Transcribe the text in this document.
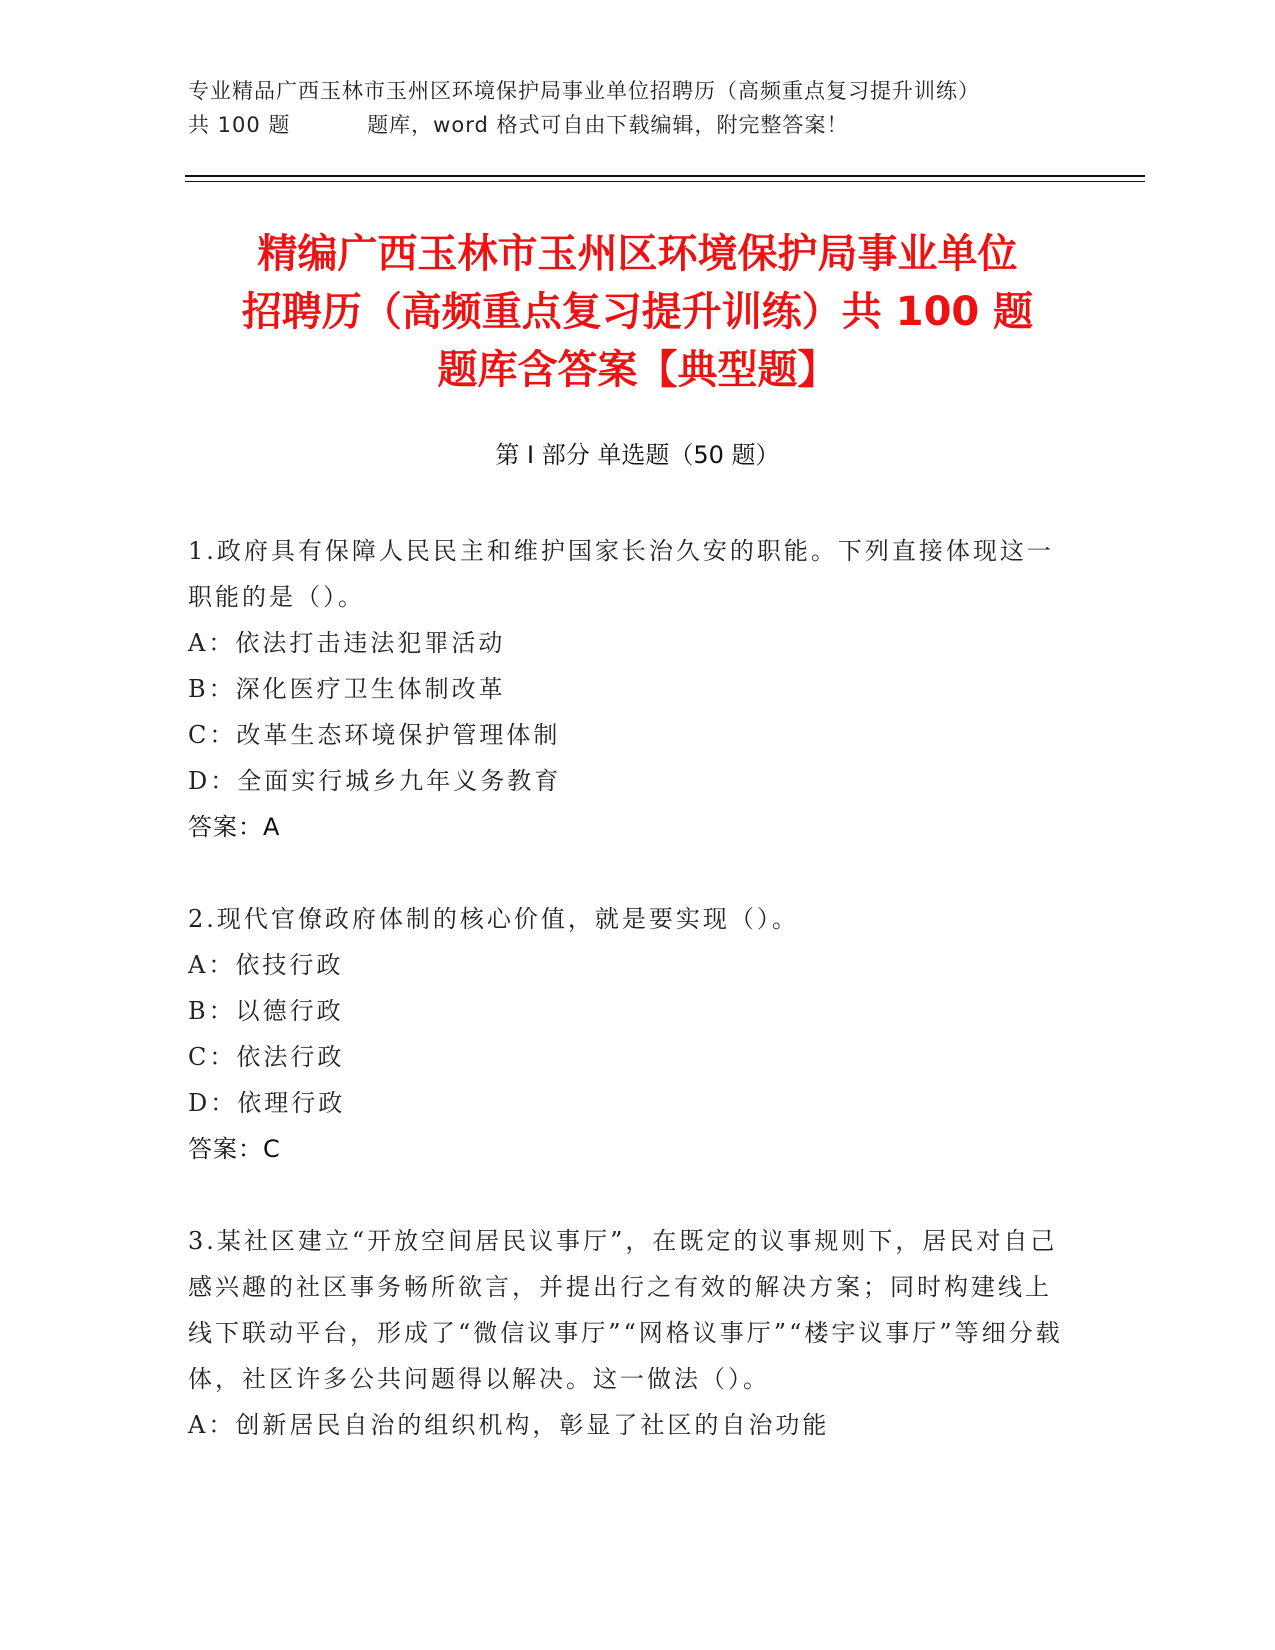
专业精品广西玉林市玉州区环境保护局事业单位招聘历（高频重点复习提升训练）
共 100 题          题库，word 格式可自由下载编辑，附完整答案！
精编广西玉林市玉州区环境保护局事业单位
招聘历（高频重点复习提升训练）共 100 题
题库含答案【典型题】
第 I 部分 单选题（50 题）
1.政府具有保障人民民主和维护国家长治久安的职能。下列直接体现这一职能的是（）。
A：依法打击违法犯罪活动
B：深化医疗卫生体制改革
C：改革生态环境保护管理体制
D：全面实行城乡九年义务教育
答案：A
2.现代官僚政府体制的核心价值，就是要实现（）。
A：依技行政
B：以德行政
C：依法行政
D：依理行政
答案：C
3.某社区建立“开放空间居民议事厅”，在既定的议事规则下，居民对自己感兴趣的社区事务畅所欲言，并提出行之有效的解决方案；同时构建线上线下联动平台，形成了“微信议事厅”“网格议事厅”“楼宇议事厅”等细分载体，社区许多公共问题得以解决。这一做法（）。
A：创新居民自治的组织机构，彰显了社区的自治功能
